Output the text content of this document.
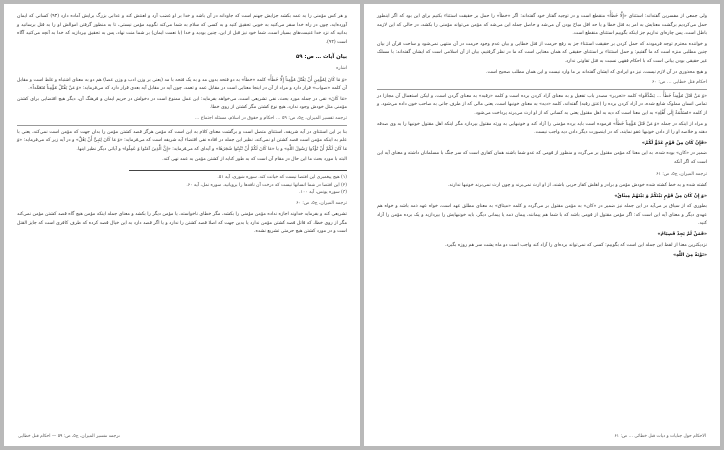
و هر کس مؤمنی را به عمد بکشد جزایش جهنم است که جاودانه در آن باشد و خدا بر او غضب آرد و لعنتش کند و عذابی بزرگ برایش آماده دارد (۹۳) کسانی که ایمان آورده‌اید، چون در راه خدا سفر می‌کنید به خوبی تحقیق کنید و به کسی که سلام به شما می‌کند نگویید مؤمن نیستی، تا به منظور گرفتن اموالش او را به قتل برسانید و بدانید که نزد خدا غنیمت‌های بسیار است، شما خود نیز قبل از این، چنین بودید و خدا (با نعمت ایمان) بر شما منت نهاد، پس به تحقیق بپردازید که خدا به آنچه می‌کنید آگاه است (۹۴).

بیان آیات … ص: ۵۹
اشاره

«وَ مَا کَانَ لِمُؤْمِنٍ أَنْ یَقْتُلَ مُؤْمِناً إِلَّا خَطَأً» کلمه «خطأ» به دو فتحه بدون مد و به یک فتحه با مد (یعنی بر وزن ادب و وزن عصا) هم دو به معنای اشتباه و غلط است و مقابل آن کلمه «صواب» قرار دارد و مراد از آن در اینجا معنایی است در مقابل عمد و تعمد، چون آیه در مقابل آیه بعدی قرار دارد که می‌فرماید: «وَ مَنْ یَقْتُلْ مُؤْمِناً مُتَعَمِّداً».

«مَا کَانَ» نفی در جمله مورد بحث، نفی تشریعی است، می‌خواهد بفرماید: این عمل ممنوع است در دخولش در حریم ایمان و فرهنگ آن، دیگر هیچ اقتضایی برای کشتن مؤمنی مثل خودش وجود ندارد، هیچ نوع کشتن مگر کشتن از روی خطا.

ترجمه تفسیر المیزان، ج‌۵، ص: ۵۹ … احکام و حقوق در اسلام، مسئله اجتماع …

بنا بر این استثنای در آیه شریفه، استثنای متصل است و برگشت معنای کلام به این است که مؤمن هرگز قصد کشتن مؤمن را بدان جهت که مؤمن است نمی‌کند، یعنی با علم به اینکه مؤمن است قصد کشتن او نمی‌کند، نظیر این جمله در افاده نفی اقتضاء آیه شریفه است که می‌فرماید: «وَ مَا کَانَ لِنَبِیٍّ أَنْ یَغُلَّ» و در آیه زیر که می‌فرماید: «وَ مَا کَانَ لَکُمْ أَنْ تُؤْذُوا رَسُولَ اللَّهِ» و یا «مَا کَانَ لَکُمْ أَنْ تُنْبِتُوا شَجَرَهَا» و آیه‌ای که می‌فرماید: «إِنَّ الَّذِینَ آمَنُوا وَ عَمِلُوا» و آیاتی دیگر نظیر اینها.

البته با مورد بحث ما این حال در مقام آن است که به طور کنایه از کشتن مؤمن به عمد نهی کند.

(۱) هیچ پیغمبری این اقتضا نیست که خیانت کند. سوره شوری، آیه ۵۱.
(۲) این اقتضا در شما انسانها نیست که درخت آن ناقه‌ها را برویانید. سوره نمل، آیه ۶۰.
(۳) سوره یونس، آیه ۱۰۰.
ترجمه المیزان، ج‌۵، ص: ۶۰

تشریعی کند و بفرماید خداوند اجازه نداده مؤمن مؤمنی را بکشد، مگر خطای ناخواسته، یا مؤمن دیگر را بکشد و معنای جمله اینکه مؤمن هیچ گاه قصد کشتن مؤمن نمی‌کند مگر از روی خطا، که قاتل قصد کشتن مؤمن ندارد یا بدین جهت که اصلا قصد کشتن را ندارد و یا اگر قصد دارد به این خیال قصد کرده که طرف کافری است که جایز القتل است و در مورد کشتن هیچ حرمتی تشریع نشده.

ترجمه تفسیر المیزان، ج‌۵، ص: ۵۹ — احکام قتل خطایی

ولی جمعی از مفسرین گفته‌اند: استثنای «إِلَّا خَطَأً» منقطع است و در توجیه گفتار خود گفته‌اند: اگر «خطأ» را حمل بر حقیقت استثناء بکنیم برای این بود که اگر اینطور حمل می‌کردیم برگشت معنایش به امر به قتل خطا و یا حد اقل مباح بودن آن می‌شد و حاصل جمله این می‌شد که مؤمن می‌تواند مؤمنی را بکشد، در حالی که این لازمه باطل است، پس چاره‌ای نداریم جز اینکه بگوییم استثنای منقطع است.

و خواننده محترم توجه فرمودند که حمل کردن بر حقیقت استثناء جز به رفع حرمت از قتل خطایی و بیان عدم وجود حرمت در آن منتهی نمی‌شود و ساحت قرآن از بیان چنین مطلبی منزه است که ما گفتیم: و حمل استثناء بر استثنای حقیقی که همان معنایی است که ما در نظر گرفتیم، بیان از آن اسلامی است که ایشان گفته‌اند: با مسلک غیر حقیقی بودن بیانی است که با احکام فقهی نسبت به قتل تفاوتی ندارد.

و هیچ محذوری در آن لازم نیست، نیز دو ایرادی که ایشان گفته‌اند بر ما وارد نیست و این همان مطلب صحیح است.

احکام قتل خطایی … ص: ۶۰

«وَ مَنْ قَتَلَ مُؤْمِناً خَطَأً … یَصَّدَّقُوا» کلمه «تحریر» مصدر باب تفعیل و به معنای آزاد کردن برده است و کلمه «رقبه» به معنای گردن است، و لیکن استعمال آن مجازا در تمامی انسان مملوک شایع شده، در آزاد کردن برده را (عتق رقبه) گفته‌اند، کلمه «دیه» به معنای خونبها است، یعنی مالی که از طرف جانی به صاحب خون داده می‌شود. و از کلمه «مُسَلَّمَةٌ إِلَی أَهْلِهِ» به این معنا است که دیه به اهل مقتول یعنی به کسانی که از او ارث می‌برند پرداخت می‌شود.

و مراد از اینکه در جمله «وَ مَنْ قَتَلَ مُؤْمِناً خَطَأً» فرموده است باید برده مؤمنی را آزاد کند و خونبهایی به ورثه مقتول بپردازد مگر اینکه اهل مقتول خونبها را به وی صدقه دهند و خلاصه او را از دادن خونبها عفو نمایند، که در اینصورت دیگر دادن دیه واجب نیست.

«فَإِنْ کَانَ مِنْ قَوْمٍ عَدُوٍّ لَکُمْ»

ضمیر در «کان» بوده شده، به این معنا که مؤمن مقتول بر می‌گردد و منظور از قومی که عدو شما باشند همان کفاری است که سر جنگ با مسلمانان داشته و معنای آیه این است که اگر آنکه

ترجمه المیزان، ج‌۵، ص: ۶۱

کشته شده و به خط کشته شده خودش مؤمن و برادر و اهلش کفار حربی باشند، از او ارث نمی‌برند و چون ارث نمی‌برند خونبها ندارند.

«وَ إِنْ کَانَ مِنْ قَوْمٍ بَیْنَکُمْ وَ بَیْنَهُمْ مِیثَاقٌ»

بطوری که از سیاق بر می‌آید در این جمله نیز ضمیر در «کان» به مؤمن مقتول بر می‌گردد و کلمه «میثاق» به معنای مطلق عهد است، خواه عهد ذمه باشد و خواه هم عهدی دیگر و معنای آیه این است که: اگر مؤمن مقتول از قومی باشد که با شما هم پیمانند، پیمان ذمه یا پیمانی دیگر، باید خونبهایش را بپردازید و یک برده مؤمن را آزاد کنید.

«فَمَنْ لَمْ یَجِدْ فَصِیَامُ»

نزدیکترین معنا از لفظ این جمله این است که بگوییم: کسی که نمی‌تواند برده‌ای را آزاد کند واجب است دو ماه پشت سر هم روزه بگیرد.

«تَوْبَةً مِنَ اللَّهِ»

الاحکام حول جنایات و دیات قتل خطائی … ص: ۶۱
